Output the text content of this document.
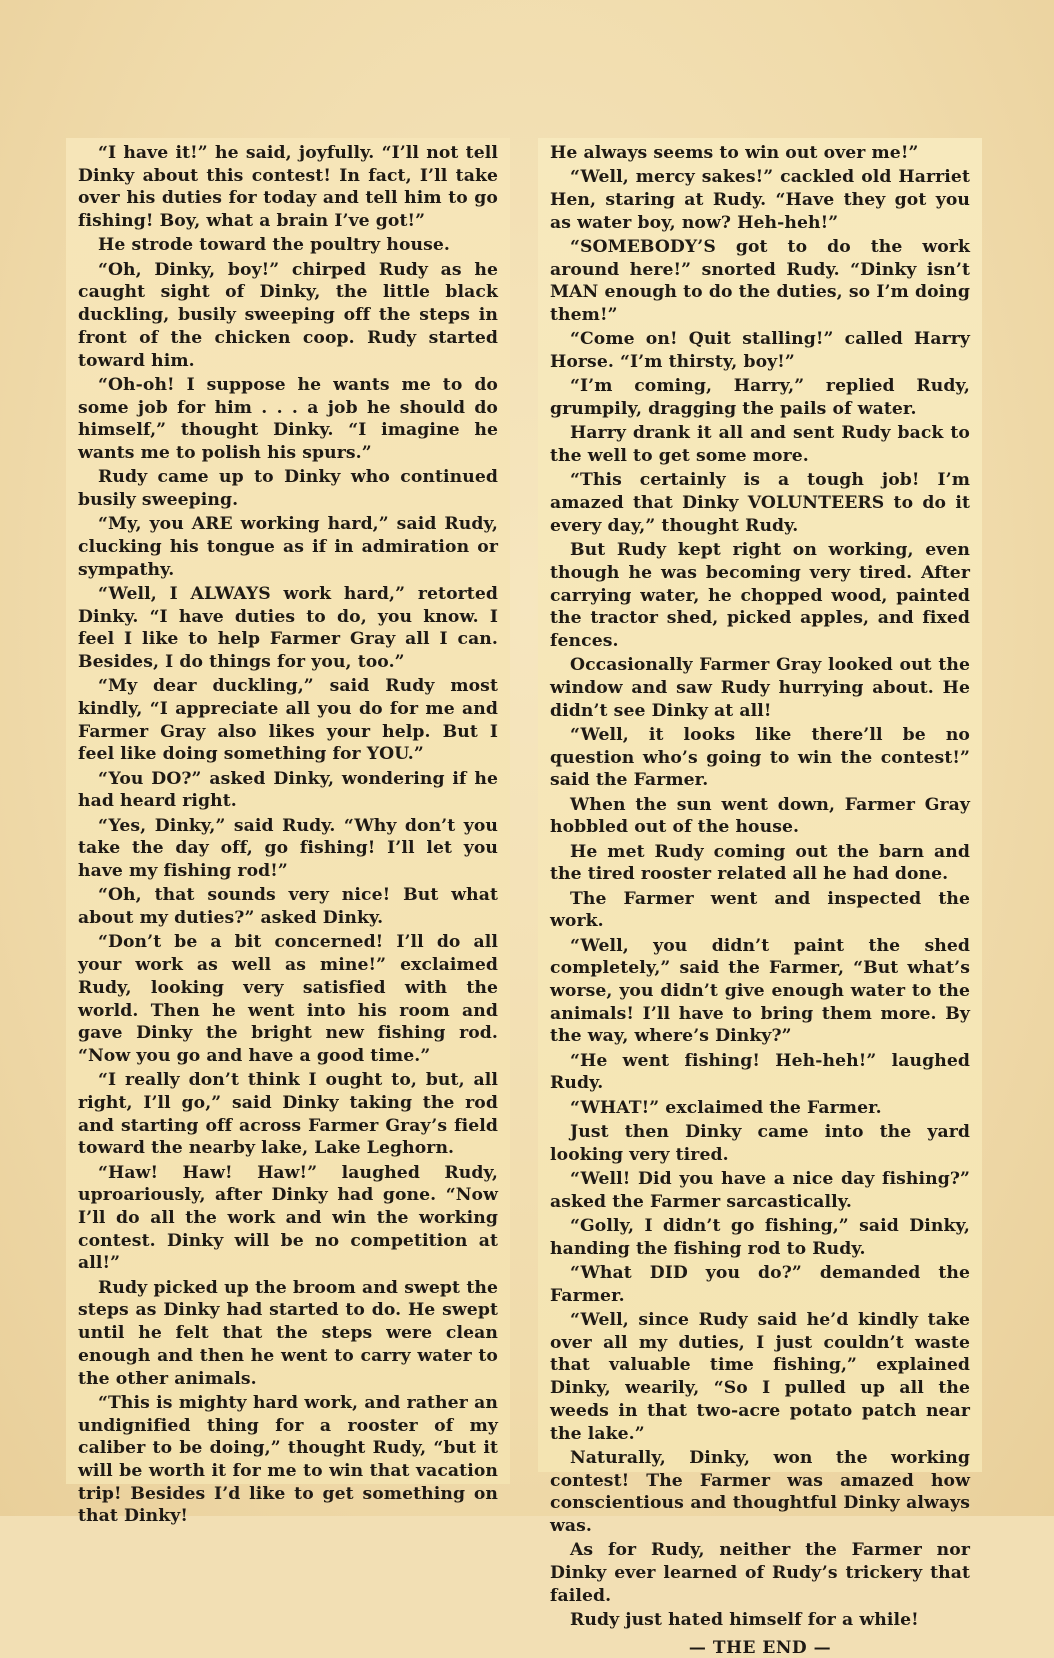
“I have it!” he said, joyfully. “I’ll not tell Dinky about this contest! In fact, I’ll take over his duties for today and tell him to go fishing! Boy, what a brain I’ve got!”

He strode toward the poultry house.

“Oh, Dinky, boy!” chirped Rudy as he caught sight of Dinky, the little black duckling, busily sweeping off the steps in front of the chicken coop. Rudy started toward him.

“Oh-oh! I suppose he wants me to do some job for him . . . a job he should do himself,” thought Dinky. “I imagine he wants me to polish his spurs.”

Rudy came up to Dinky who continued busily sweeping.

“My, you ARE working hard,” said Rudy, clucking his tongue as if in admiration or sympathy.

“Well, I ALWAYS work hard,” retorted Dinky. “I have duties to do, you know. I feel I like to help Farmer Gray all I can. Besides, I do things for you, too.”

“My dear duckling,” said Rudy most kindly, “I appreciate all you do for me and Farmer Gray also likes your help. But I feel like doing something for YOU.”

“You DO?” asked Dinky, wondering if he had heard right.

“Yes, Dinky,” said Rudy. “Why don’t you take the day off, go fishing! I’ll let you have my fishing rod!”

“Oh, that sounds very nice! But what about my duties?” asked Dinky.

“Don’t be a bit concerned! I’ll do all your work as well as mine!” exclaimed Rudy, looking very satisfied with the world. Then he went into his room and gave Dinky the bright new fishing rod. “Now you go and have a good time.”

“I really don’t think I ought to, but, all right, I’ll go,” said Dinky taking the rod and starting off across Farmer Gray’s field toward the nearby lake, Lake Leghorn.

“Haw! Haw! Haw!” laughed Rudy, uproariously, after Dinky had gone. “Now I’ll do all the work and win the working contest. Dinky will be no competition at all!”

Rudy picked up the broom and swept the steps as Dinky had started to do. He swept until he felt that the steps were clean enough and then he went to carry water to the other animals.

“This is mighty hard work, and rather an undignified thing for a rooster of my caliber to be doing,” thought Rudy, “but it will be worth it for me to win that vacation trip! Besides I’d like to get something on that Dinky!

He always seems to win out over me!”

“Well, mercy sakes!” cackled old Harriet Hen, staring at Rudy. “Have they got you as water boy, now? Heh-heh!”

“SOMEBODY’S got to do the work around here!” snorted Rudy. “Dinky isn’t MAN enough to do the duties, so I’m doing them!”

“Come on! Quit stalling!” called Harry Horse. “I’m thirsty, boy!”

“I’m coming, Harry,” replied Rudy, grumpily, dragging the pails of water.

Harry drank it all and sent Rudy back to the well to get some more.

“This certainly is a tough job! I’m amazed that Dinky VOLUNTEERS to do it every day,” thought Rudy.

But Rudy kept right on working, even though he was becoming very tired. After carrying water, he chopped wood, painted the tractor shed, picked apples, and fixed fences.

Occasionally Farmer Gray looked out the window and saw Rudy hurrying about. He didn’t see Dinky at all!

“Well, it looks like there’ll be no question who’s going to win the contest!” said the Farmer.

When the sun went down, Farmer Gray hobbled out of the house.

He met Rudy coming out the barn and the tired rooster related all he had done.

The Farmer went and inspected the work.

“Well, you didn’t paint the shed completely,” said the Farmer, “But what’s worse, you didn’t give enough water to the animals! I’ll have to bring them more. By the way, where’s Dinky?”

“He went fishing! Heh-heh!” laughed Rudy.

“WHAT!” exclaimed the Farmer.

Just then Dinky came into the yard looking very tired.

“Well! Did you have a nice day fishing?” asked the Farmer sarcastically.

“Golly, I didn’t go fishing,” said Dinky, handing the fishing rod to Rudy.

“What DID you do?” demanded the Farmer.

“Well, since Rudy said he’d kindly take over all my duties, I just couldn’t waste that valuable time fishing,” explained Dinky, wearily, “So I pulled up all the weeds in that two-acre potato patch near the lake.”

Naturally, Dinky, won the working contest! The Farmer was amazed how conscientious and thoughtful Dinky always was.

As for Rudy, neither the Farmer nor Dinky ever learned of Rudy’s trickery that failed.

Rudy just hated himself for a while!

— THE END —
